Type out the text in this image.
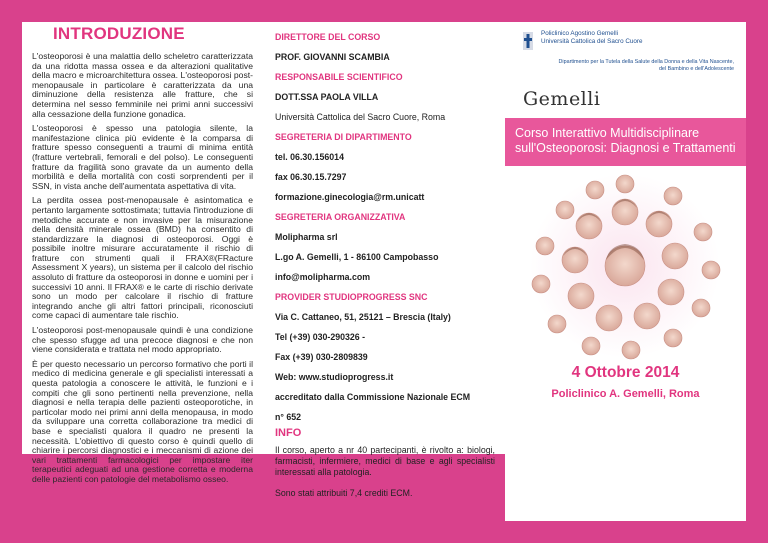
INTRODUZIONE

L'osteoporosi è una malattia dello scheletro caratterizzata da una ridotta massa ossea e da alterazioni qualitative della macro e microarchitettura ossea. L'osteoporosi post-menopausale in particolare è caratterizzata da una diminuzione della resistenza alle fratture, che si determina nel sesso femminile nei primi anni successivi alla cessazione della funzione gonadica.

L'osteoporosi è spesso una patologia silente, la manifestazione clinica più evidente è la comparsa di fratture spesso conseguenti a traumi di minima entità (fratture vertebrali, femorali e del polso). Le conseguenti fratture da fragilità sono gravate da un aumento della morbilità e della mortalità con costi sorprendenti per il SSN, in vista anche dell'aumentata aspettativa di vita.

La perdita ossea post-menopausale è asintomatica e pertanto largamente sottostimata; tuttavia l'introduzione di metodiche accurate e non invasive per la misurazione della densità minerale ossea (BMD) ha consentito di standardizzare la diagnosi di osteoporosi. Oggi è possibile inoltre misurare accuratamente il rischio di fratture con strumenti quali il FRAX®(FRacture Assessment X years), un sistema per il calcolo del rischio assoluto di fratture da osteoporosi in donne e uomini per i successivi 10 anni. Il FRAX® e le carte di rischio derivate sono un modo per calcolare il rischio di fratture integrando anche gli altri fattori principali, riconosciuti come capaci di aumentare tale rischio.

L'osteoporosi post-menopausale quindi è una condizione che spesso sfugge ad una precoce diagnosi e che non viene considerata e trattata nel modo appropriato.

È per questo necessario un percorso formativo che porti il medico di medicina generale e gli specialisti interessati a questa patologia a conoscere le attività, le funzioni e i compiti che gli sono pertinenti nella prevenzione, nella diagnosi e nella terapia delle pazienti osteoporotiche, in particolar modo nei primi anni della menopausa, in modo da sviluppare una corretta collaborazione tra medici di base e specialisti qualora il quadro ne presenti la necessità. L'obiettivo di questo corso è quindi quello di chiarire i percorsi diagnostici e i meccanismi di azione dei vari trattamenti farmacologici per impostare iter terapeutici adeguati ad una gestione corretta e moderna delle pazienti con patologie del metabolismo osseo.

DIRETTORE DEL CORSO
PROF. GIOVANNI SCAMBIA
RESPONSABILE SCIENTIFICO
DOTT.SSA PAOLA VILLA
Università Cattolica del Sacro Cuore, Roma
SEGRETERIA DI DIPARTIMENTO
tel. 06.30.156014
fax 06.30.15.7297
formazione.ginecologia@rm.unicatt
SEGRETERIA ORGANIZZATIVA
Molipharma srl
L.go A. Gemelli, 1 - 86100 Campobasso
info@molipharma.com
PROVIDER STUDIOPROGRESS SNC
Via C. Cattaneo, 51, 25121 – Brescia (Italy)
Tel (+39) 030-290326 -
Fax (+39) 030-2809839
Web: www.studioprogress.it
accreditato dalla Commissione Nazionale ECM
n° 652
INFO
Il corso, aperto a nr 40 partecipanti, è rivolto a: biologi, farmacisti, infermiere, medici di base e agli specialisti interessati alla patologia.
Sono stati attribuiti 7,4 crediti ECM.
Policlinico Agostino Gemelli
Università Cattolica del Sacro Cuore
Dipartimento per la Tutela della Salute della Donna e della Vita Nascente,
del Bambino e dell'Adolescente
Gemelli
Corso Interattivo Multidisciplinare sull'Osteoporosi: Diagnosi e Trattamenti
4 Ottobre 2014
Policlinico A. Gemelli, Roma
Aule Multimediali
A 505-506-507-508
